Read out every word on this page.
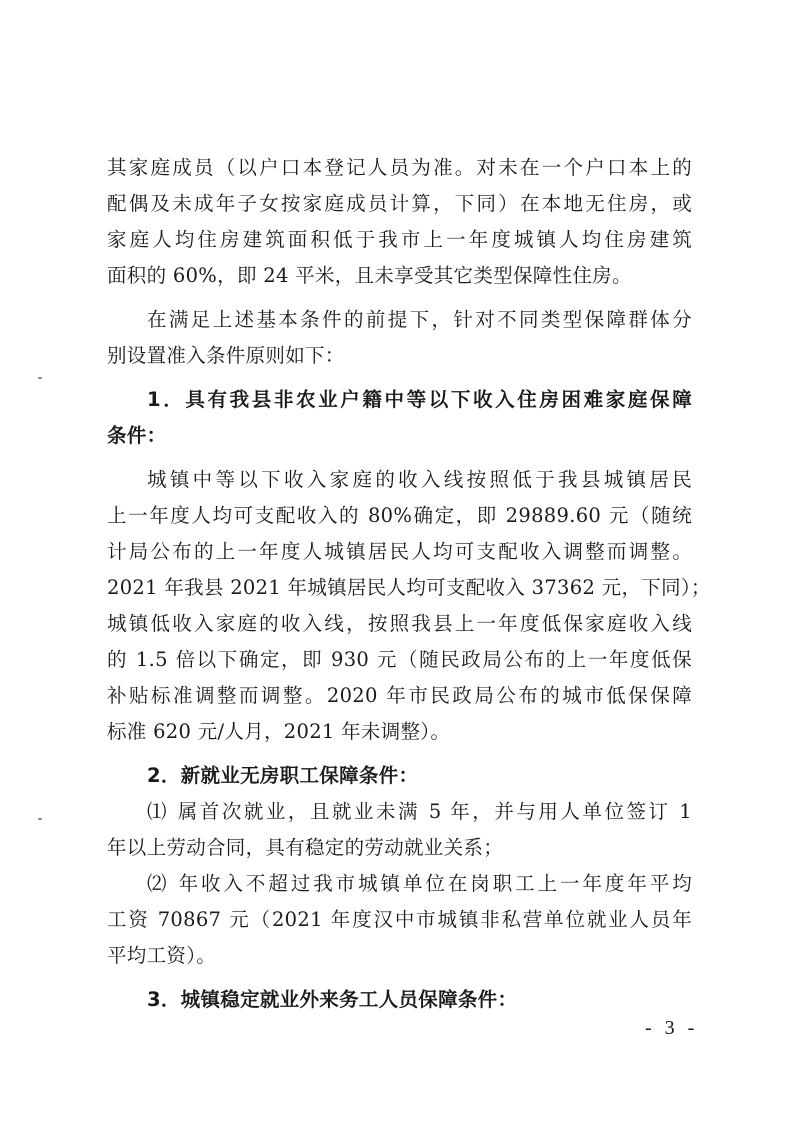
其家庭成员（以户口本登记人员为准。对未在一个户口本上的
配偶及未成年子女按家庭成员计算，下同）在本地无住房，或
家庭人均住房建筑面积低于我市上一年度城镇人均住房建筑
面积的 60%，即 24 平米，且未享受其它类型保障性住房。
在满足上述基本条件的前提下，针对不同类型保障群体分
别设置准入条件原则如下：
1．具有我县非农业户籍中等以下收入住房困难家庭保障
条件：
城镇中等以下收入家庭的收入线按照低于我县城镇居民
上一年度人均可支配收入的 80%确定，即 29889.60 元（随统
计局公布的上一年度人城镇居民人均可支配收入调整而调整。
2021 年我县 2021 年城镇居民人均可支配收入 37362 元，下同）；
城镇低收入家庭的收入线，按照我县上一年度低保家庭收入线
的 1.5 倍以下确定，即 930 元（随民政局公布的上一年度低保
补贴标准调整而调整。2020 年市民政局公布的城市低保保障
标准 620 元/人月，2021 年未调整）。
2．新就业无房职工保障条件：
⑴ 属首次就业，且就业未满 5 年，并与用人单位签订 1
年以上劳动合同，具有稳定的劳动就业关系；
⑵ 年收入不超过我市城镇单位在岗职工上一年度年平均
工资 70867 元（2021 年度汉中市城镇非私营单位就业人员年
平均工资）。
3．城镇稳定就业外来务工人员保障条件：
- 3 -
